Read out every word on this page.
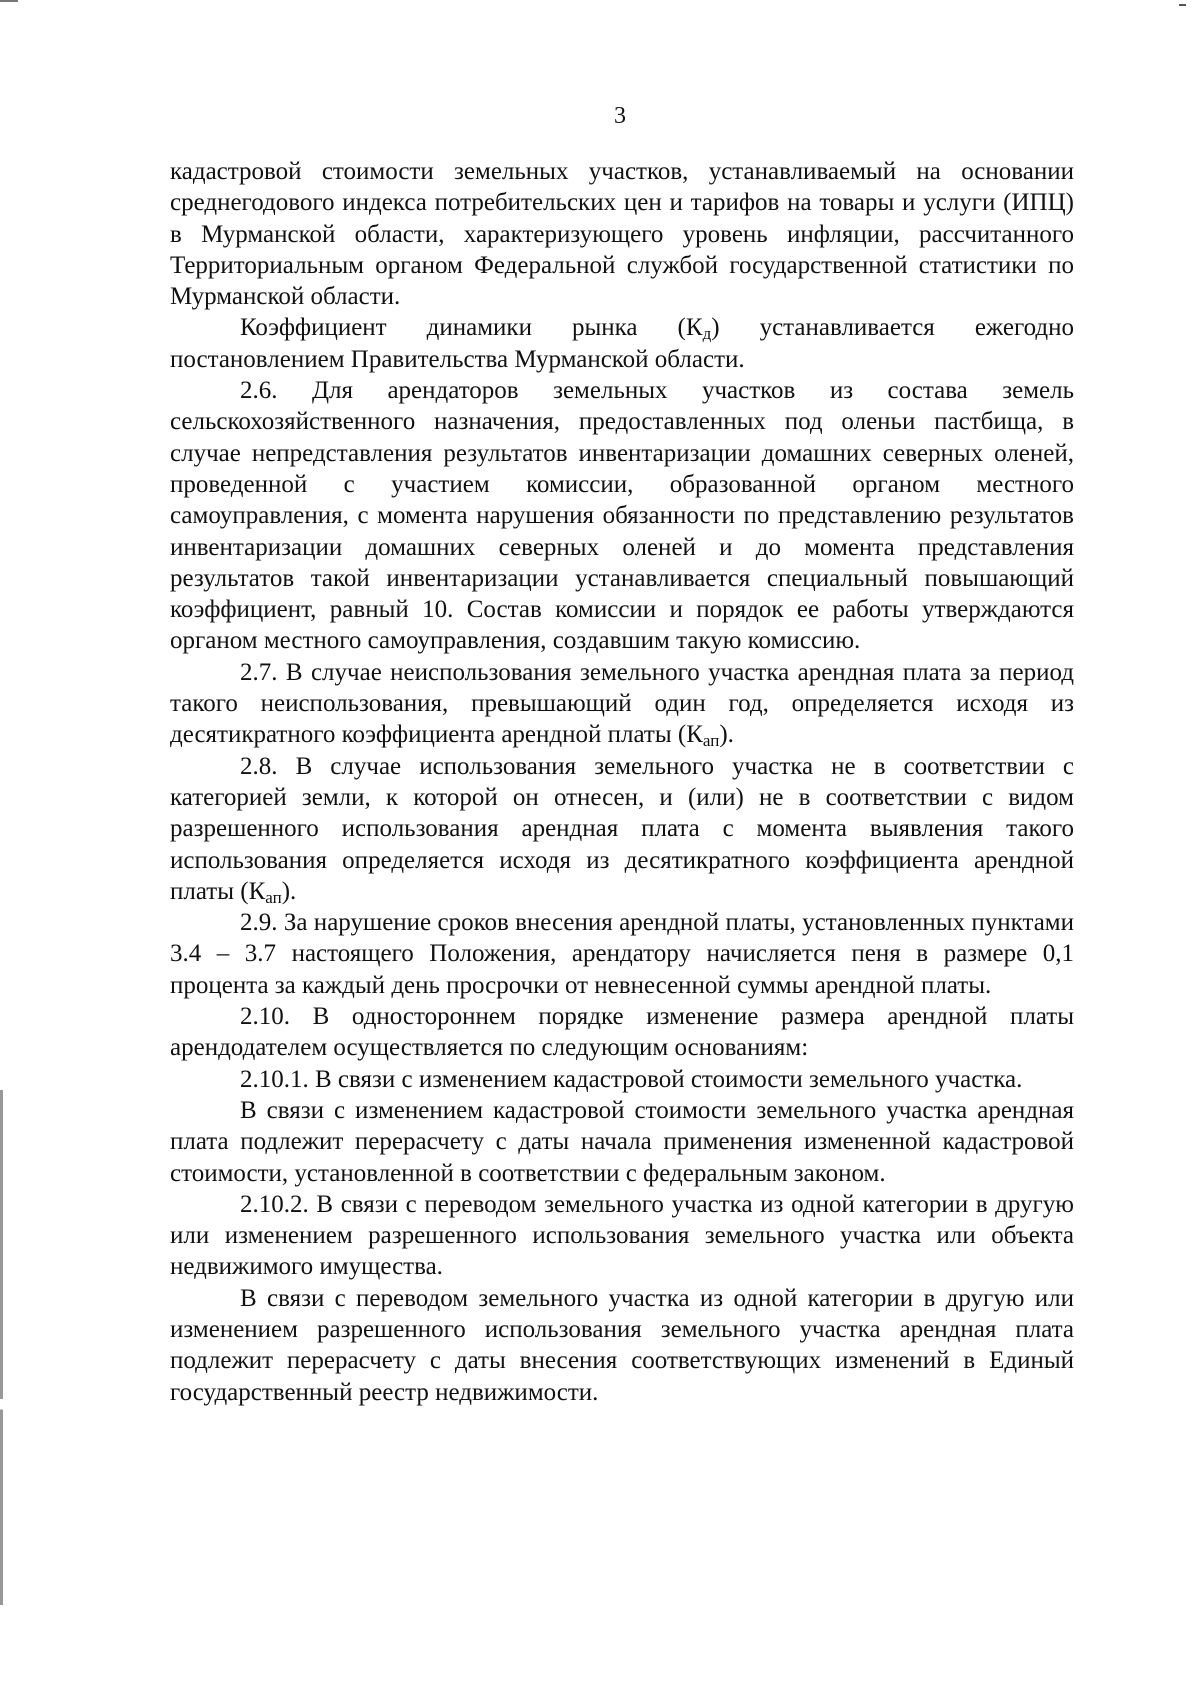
3

кадастровой стоимости земельных участков, устанавливаемый на основании среднегодового индекса потребительских цен и тарифов на товары и услуги (ИПЦ) в Мурманской области, характеризующего уровень инфляции, рассчитанного Территориальным органом Федеральной службой государственной статистики по Мурманской области.

Коэффициент динамики рынка $(К_д)$ устанавливается ежегодно постановлением Правительства Мурманской области.

2.6. Для арендаторов земельных участков из состава земель сельскохозяйственного назначения, предоставленных под оленьи пастбища, в случае непредставления результатов инвентаризации домашних северных оленей, проведенной с участием комиссии, образованной органом местного самоуправления, с момента нарушения обязанности по представлению результатов инвентаризации домашних северных оленей и до момента представления результатов такой инвентаризации устанавливается специальный повышающий коэффициент, равный 10. Состав комиссии и порядок ее работы утверждаются органом местного самоуправления, создавшим такую комиссию.

2.7. В случае неиспользования земельного участка арендная плата за период такого неиспользования, превышающий один год, определяется исходя из десятикратного коэффициента арендной платы $(К_{ап})$.

2.8. В случае использования земельного участка не в соответствии с категорией земли, к которой он отнесен, и (или) не в соответствии с видом разрешенного использования арендная плата с момента выявления такого использования определяется исходя из десятикратного коэффициента арендной платы $(К_{ап})$.

2.9. За нарушение сроков внесения арендной платы, установленных пунктами 3.4 – 3.7 настоящего Положения, арендатору начисляется пеня в размере 0,1 процента за каждый день просрочки от невнесенной суммы арендной платы.

2.10. В одностороннем порядке изменение размера арендной платы арендодателем осуществляется по следующим основаниям:

2.10.1. В связи с изменением кадастровой стоимости земельного участка.

В связи с изменением кадастровой стоимости земельного участка арендная плата подлежит перерасчету с даты начала применения измененной кадастровой стоимости, установленной в соответствии с федеральным законом.

2.10.2. В связи с переводом земельного участка из одной категории в другую или изменением разрешенного использования земельного участка или объекта недвижимого имущества.

В связи с переводом земельного участка из одной категории в другую или изменением разрешенного использования земельного участка арендная плата подлежит перерасчету с даты внесения соответствующих изменений в Единый государственный реестр недвижимости.
